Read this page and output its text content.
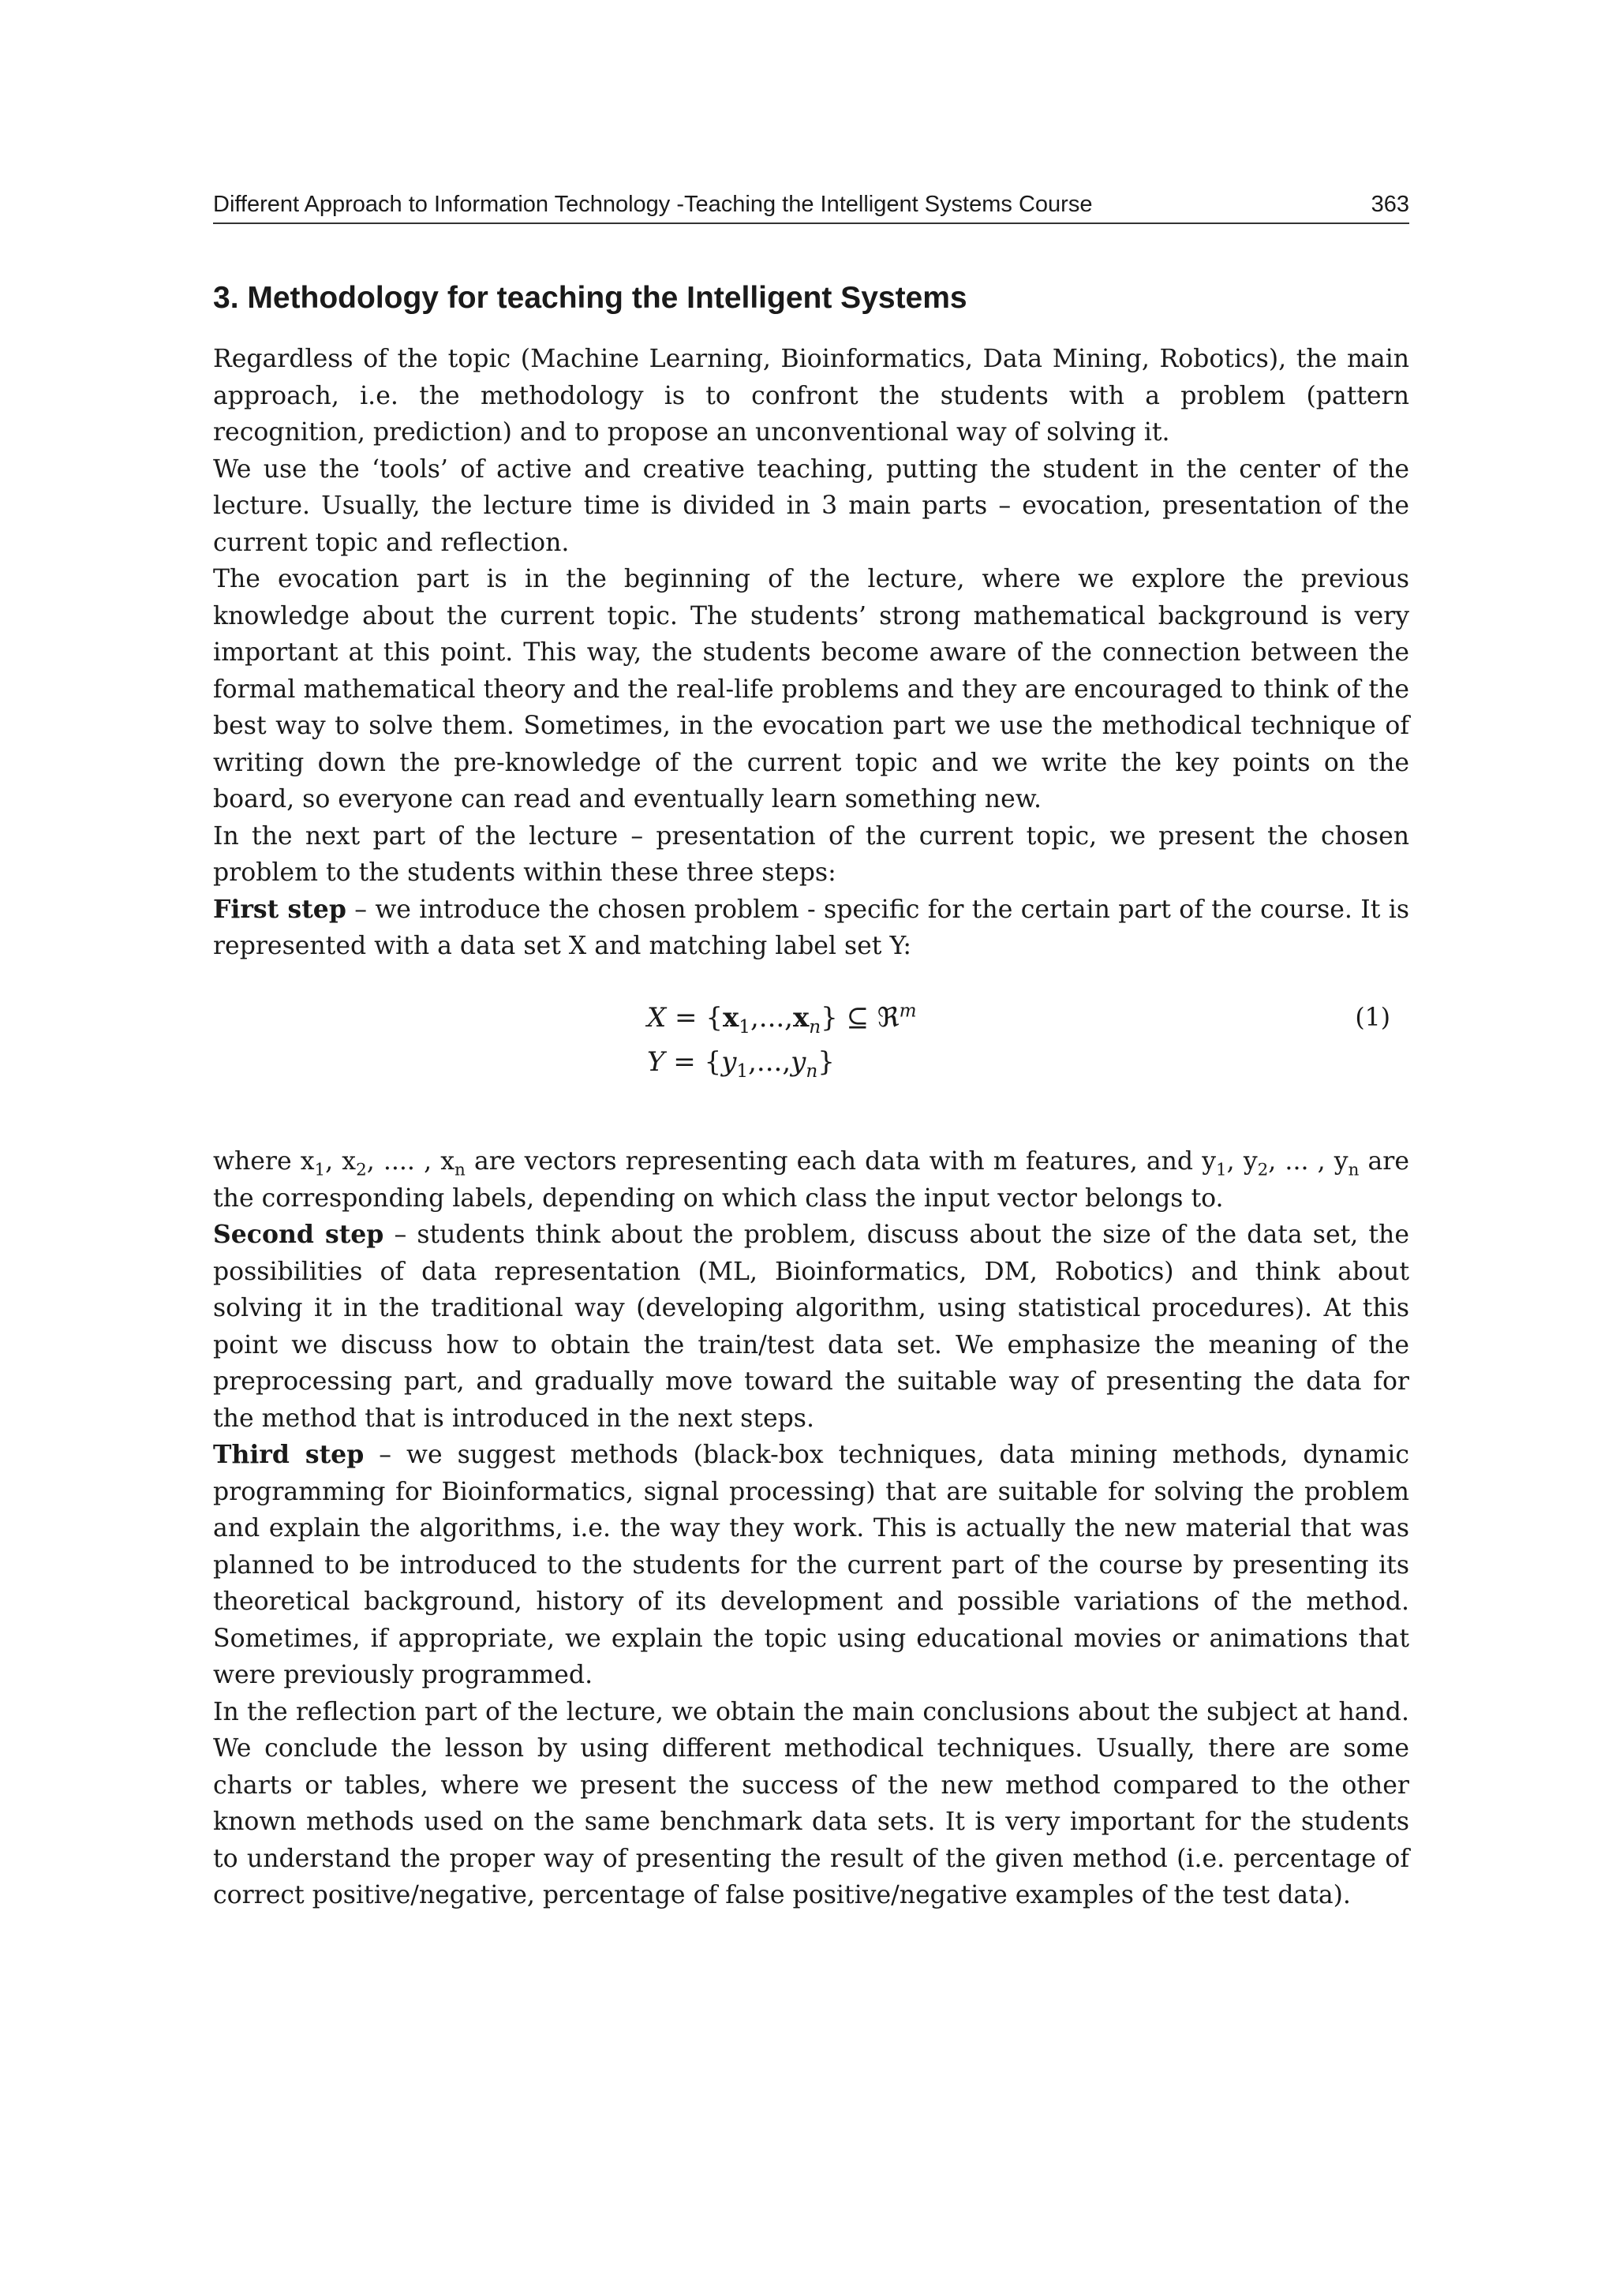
Different Approach to Information Technology -Teaching the Intelligent Systems Course	363
3. Methodology for teaching the Intelligent Systems

Regardless of the topic (Machine Learning, Bioinformatics, Data Mining, Robotics), the main approach, i.e. the methodology is to confront the students with a problem (pattern recognition, prediction) and to propose an unconventional way of solving it.

We use the ‘tools’ of active and creative teaching, putting the student in the center of the lecture. Usually, the lecture time is divided in 3 main parts – evocation, presentation of the current topic and reflection.

The evocation part is in the beginning of the lecture, where we explore the previous knowledge about the current topic. The students’ strong mathematical background is very important at this point. This way, the students become aware of the connection between the formal mathematical theory and the real-life problems and they are encouraged to think of the best way to solve them. Sometimes, in the evocation part we use the methodical technique of writing down the pre-knowledge of the current topic and we write the key points on the board, so everyone can read and eventually learn something new.

In the next part of the lecture – presentation of the current topic, we present the chosen problem to the students within these three steps:

First step – we introduce the chosen problem - specific for the certain part of the course. It is represented with a data set X and matching label set Y:

$X = \{x_1,...,x_n\}$ ⊆ ℜ$^m$
$Y = \{y_1,...,y_n\}$
(1)

where $x_1$, $x_2$, .... , $x_n$ are vectors representing each data with m features, and $y_1$, $y_2$, ... , $y_n$ are the corresponding labels, depending on which class the input vector belongs to.

Second step – students think about the problem, discuss about the size of the data set, the possibilities of data representation (ML, Bioinformatics, DM, Robotics) and think about solving it in the traditional way (developing algorithm, using statistical procedures). At this point we discuss how to obtain the train/test data set. We emphasize the meaning of the preprocessing part, and gradually move toward the suitable way of presenting the data for the method that is introduced in the next steps.

Third step – we suggest methods (black-box techniques, data mining methods, dynamic programming for Bioinformatics, signal processing) that are suitable for solving the problem and explain the algorithms, i.e. the way they work. This is actually the new material that was planned to be introduced to the students for the current part of the course by presenting its theoretical background, history of its development and possible variations of the method. Sometimes, if appropriate, we explain the topic using educational movies or animations that were previously programmed.

In the reflection part of the lecture, we obtain the main conclusions about the subject at hand. We conclude the lesson by using different methodical techniques. Usually, there are some charts or tables, where we present the success of the new method compared to the other known methods used on the same benchmark data sets. It is very important for the students to understand the proper way of presenting the result of the given method (i.e. percentage of correct positive/negative, percentage of false positive/negative examples of the test data).
